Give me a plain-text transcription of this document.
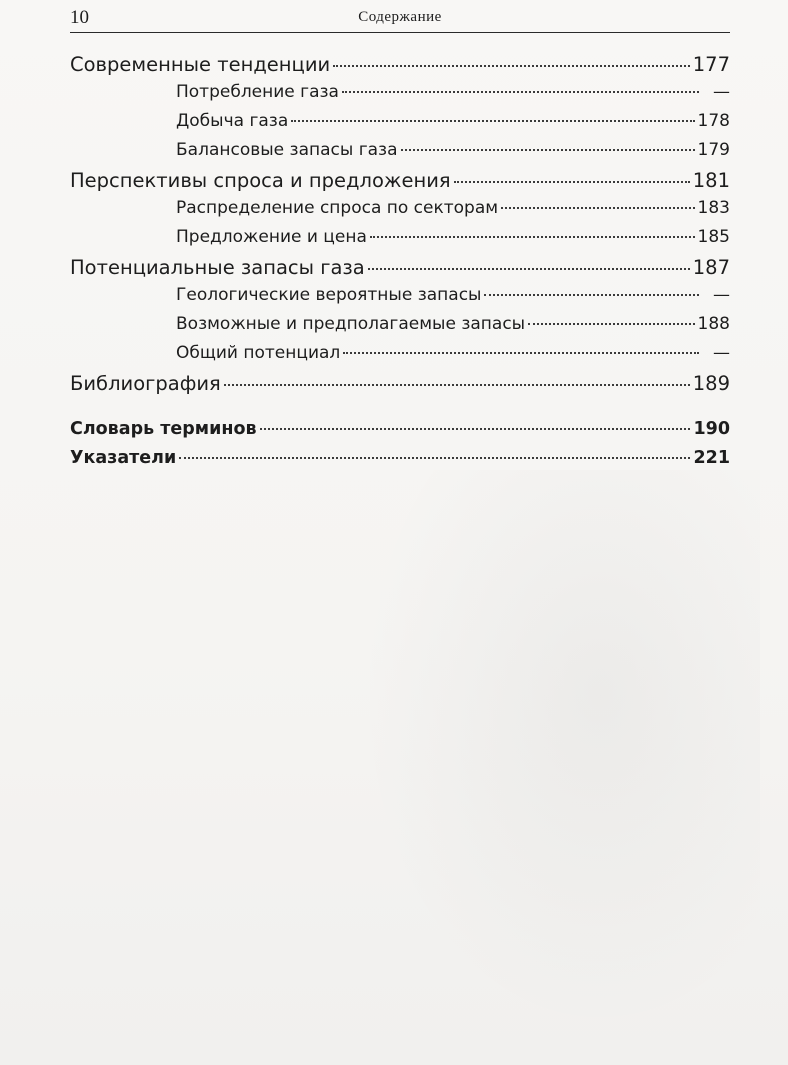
10	Содержание
Современные тенденции	177
Потребление газа	—
Добыча газа	178
Балансовые запасы газа	179
Перспективы спроса и предложения	181
Распределение спроса по секторам	183
Предложение и цена	185
Потенциальные запасы газа	187
Геологические вероятные запасы	—
Возможные и предполагаемые запасы	188
Общий потенциал	—
Библиография	189
Словарь терминов	190
Указатели	221
